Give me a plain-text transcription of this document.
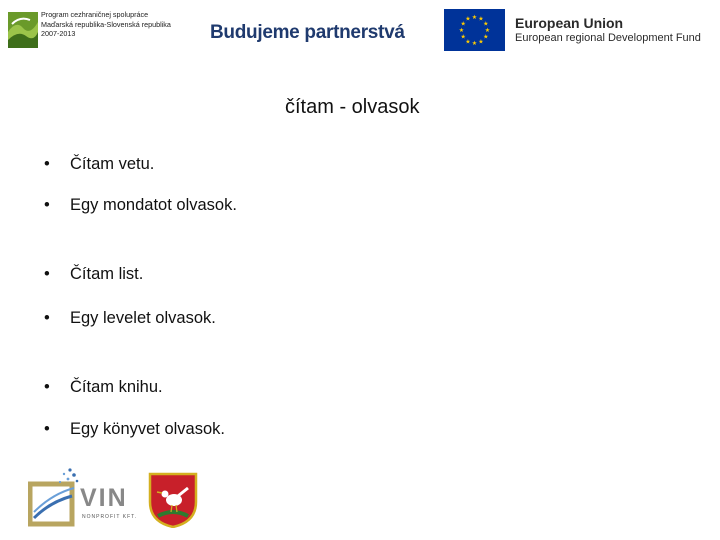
Program cezhraničnej spolupráce
Maďarská republika-Slovenská republika
2007-2013	Budujeme partnerstvá
★ ★
★
★
★
★
★
★
★
★
★
★	European Union
European regional Development Fund
čítam - olvasok
• Čítam vetu.
• Egy mondatot olvasok.
• Čítam list.
• Egy levelet olvasok.
• Čítam knihu.
• Egy könyvet olvasok.
VIN
NONPROFIT KFT.
